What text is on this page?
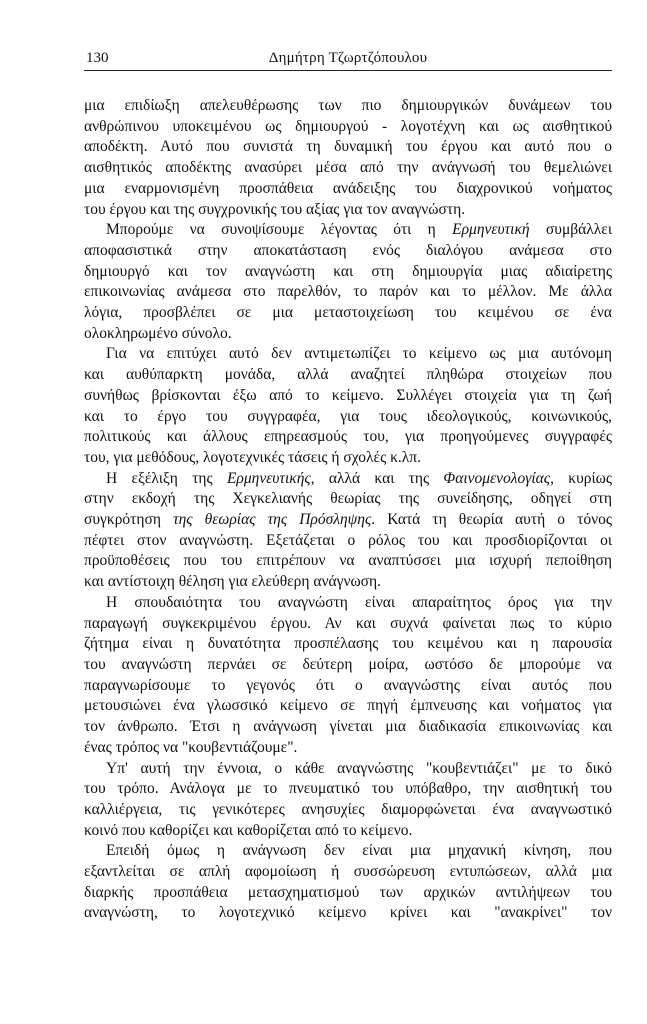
130	Δημήτρη Τζωρτζόπουλου
μια επιδίωξη απελευθέρωσης των πιο δημιουργικών δυνάμεων του
ανθρώπινου υποκειμένου ως δημιουργού - λογοτέχνη και ως αισθητικού
αποδέκτη. Αυτό που συνιστά τη δυναμική του έργου και αυτό που ο
αισθητικός αποδέκτης ανασύρει μέσα από την ανάγνωσή του θεμελιώνει
μια εναρμονισμένη προσπάθεια ανάδειξης του διαχρονικού νοήματος
του έργου και της συγχρονικής του αξίας για τον αναγνώστη.
Μπορούμε να συνοψίσουμε λέγοντας ότι η Ερμηνευτική συμβάλλει
αποφασιστικά στην αποκατάσταση ενός διαλόγου ανάμεσα στο
δημιουργό και τον αναγνώστη και στη δημιουργία μιας αδιαίρετης
επικοινωνίας ανάμεσα στο παρελθόν, το παρόν και το μέλλον. Με άλλα
λόγια, προσβλέπει σε μια μεταστοιχείωση του κειμένου σε ένα
ολοκληρωμένο σύνολο.
Για να επιτύχει αυτό δεν αντιμετωπίζει το κείμενο ως μια αυτόνομη
και αυθύπαρκτη μονάδα, αλλά αναζητεί πληθώρα στοιχείων που
συνήθως βρίσκονται έξω από το κείμενο. Συλλέγει στοιχεία για τη ζωή
και το έργο του συγγραφέα, για τους ιδεολογικούς, κοινωνικούς,
πολιτικούς και άλλους επηρεασμούς του, για προηγούμενες συγγραφές
του, για μεθόδους, λογοτεχνικές τάσεις ή σχολές κ.λπ.
Η εξέλιξη της Ερμηνευτικής, αλλά και της Φαινομενολογίας, κυρίως
στην εκδοχή της Χεγκελιανής θεωρίας της συνείδησης, οδηγεί στη
συγκρότηση της θεωρίας της Πρόσληψης. Κατά τη θεωρία αυτή ο τόνος
πέφτει στον αναγνώστη. Εξετάζεται ο ρόλος του και προσδιορίζονται οι
προϋποθέσεις που του επιτρέπουν να αναπτύσσει μια ισχυρή πεποίθηση
και αντίστοιχη θέληση για ελεύθερη ανάγνωση.
Η σπουδαιότητα του αναγνώστη είναι απαραίτητος όρος για την
παραγωγή συγκεκριμένου έργου. Αν και συχνά φαίνεται πως το κύριο
ζήτημα είναι η δυνατότητα προσπέλασης του κειμένου και η παρουσία
του αναγνώστη περνάει σε δεύτερη μοίρα, ωστόσο δε μπορούμε να
παραγνωρίσουμε το γεγονός ότι ο αναγνώστης είναι αυτός που
μετουσιώνει ένα γλωσσικό κείμενο σε πηγή έμπνευσης και νοήματος για
τον άνθρωπο. Έτσι η ανάγνωση γίνεται μια διαδικασία επικοινωνίας και
ένας τρόπος να "κουβεντιάζουμε".
Υπ' αυτή την έννοια, ο κάθε αναγνώστης "κουβεντιάζει" με το δικό
του τρόπο. Ανάλογα με το πνευματικό του υπόβαθρο, την αισθητική του
καλλιέργεια, τις γενικότερες ανησυχίες διαμορφώνεται ένα αναγνωστικό
κοινό που καθορίζει και καθορίζεται από το κείμενο.
Επειδή όμως η ανάγνωση δεν είναι μια μηχανική κίνηση, που
εξαντλείται σε απλή αφομοίωση ή συσσώρευση εντυπώσεων, αλλά μια
διαρκής προσπάθεια μετασχηματισμού των αρχικών αντιλήψεων του
αναγνώστη, το λογοτεχνικό κείμενο κρίνει και "ανακρίνει" τον
